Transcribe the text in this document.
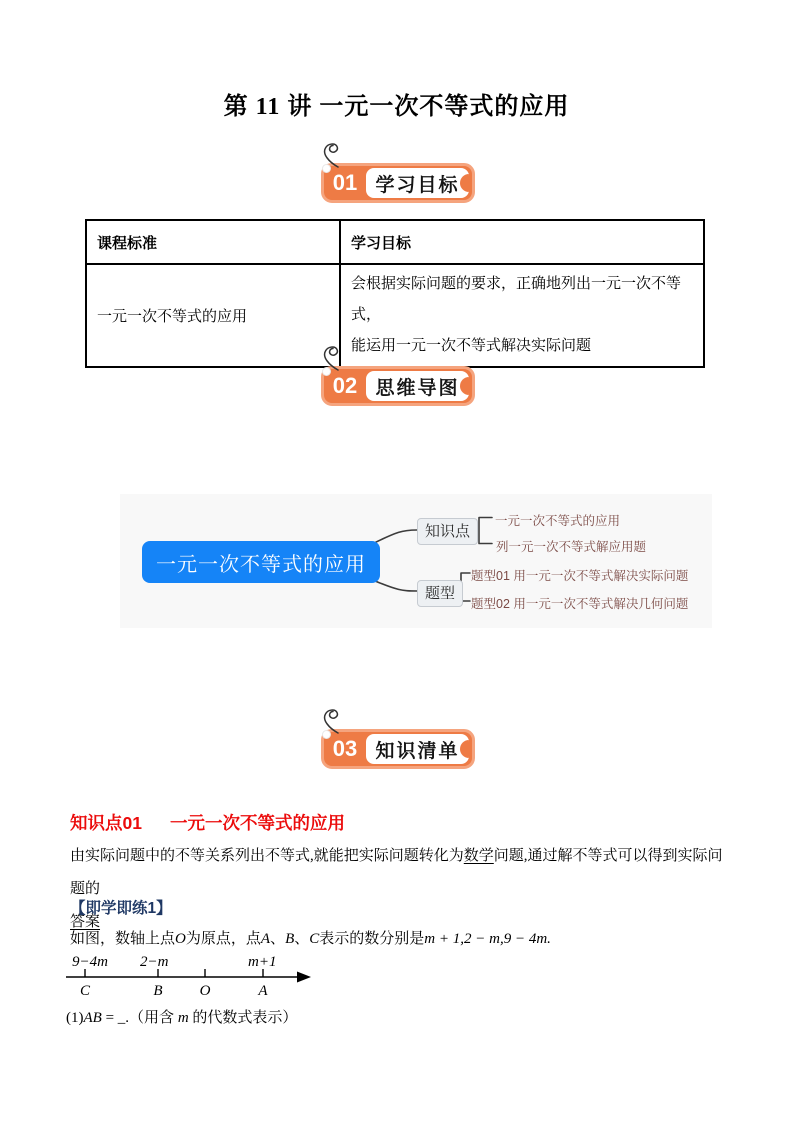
第 11 讲 一元一次不等式的应用
01 学习目标
课程标准	学习目标
一元一次不等式的应用	会根据实际问题的要求，正确地列出一元一次不等式，
能运用一元一次不等式解决实际问题
02 思维导图
一元一次不等式的应用
知识点
题型
一元一次不等式的应用
列一元一次不等式解应用题
题型01 用一元一次不等式解决实际问题
题型02 用一元一次不等式解决几何问题
03 知识清单
知识点01 一元一次不等式的应用
由实际问题中的不等关系列出不等式,就能把实际问题转化为数学问题,通过解不等式可以得到实际问题的
答案
【即学即练1】
如图，数轴上点O为原点，点A、B、C表示的数分别是m + 1,2 − m,9 − 4m.
9−4m 2−m	m+1
C	B O	A
(1)AB = _.（用含 m 的代数式表示）
